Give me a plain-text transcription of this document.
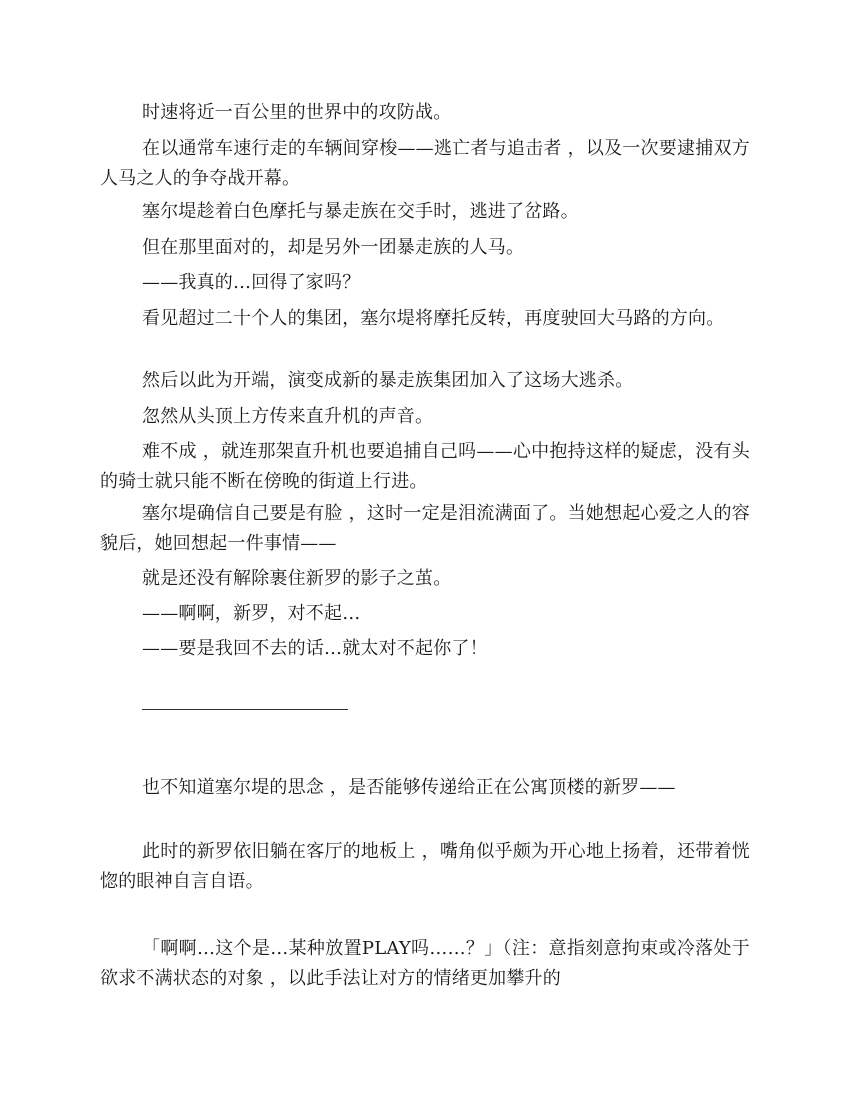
时速将近一百公里的世界中的攻防战。

在以通常车速行走的车辆间穿梭——逃亡者与追击者 ，以及一次要逮捕双方人马之人的争夺战开幕。

塞尔堤趁着白色摩托与暴走族在交手时，逃进了岔路。

但在那里面对的，却是另外一团暴走族的人马。

——我真的…回得了家吗？

看见超过二十个人的集团，塞尔堤将摩托反转，再度驶回大马路的方向。

然后以此为开端，演变成新的暴走族集团加入了这场大逃杀。

忽然从头顶上方传来直升机的声音。

难不成 ，就连那架直升机也要追捕自己吗——心中抱持这样的疑虑，没有头的骑士就只能不断在傍晚的街道上行进。

塞尔堤确信自己要是有脸 ，这时一定是泪流满面了。当她想起心爱之人的容貌后，她回想起一件事情——

就是还没有解除裹住新罗的影子之茧。

——啊啊，新罗，对不起…

——要是我回不去的话…就太对不起你了！

也不知道塞尔堤的思念 ，是否能够传递给正在公寓顶楼的新罗——

此时的新罗依旧躺在客厅的地板上 ，嘴角似乎颇为开心地上扬着，还带着恍惚的眼神自言自语。

「啊啊…这个是…某种放置PLAY吗……？」（注：意指刻意拘束或冷落处于欲求不满状态的对象 ，以此手法让对方的情绪更加攀升的
